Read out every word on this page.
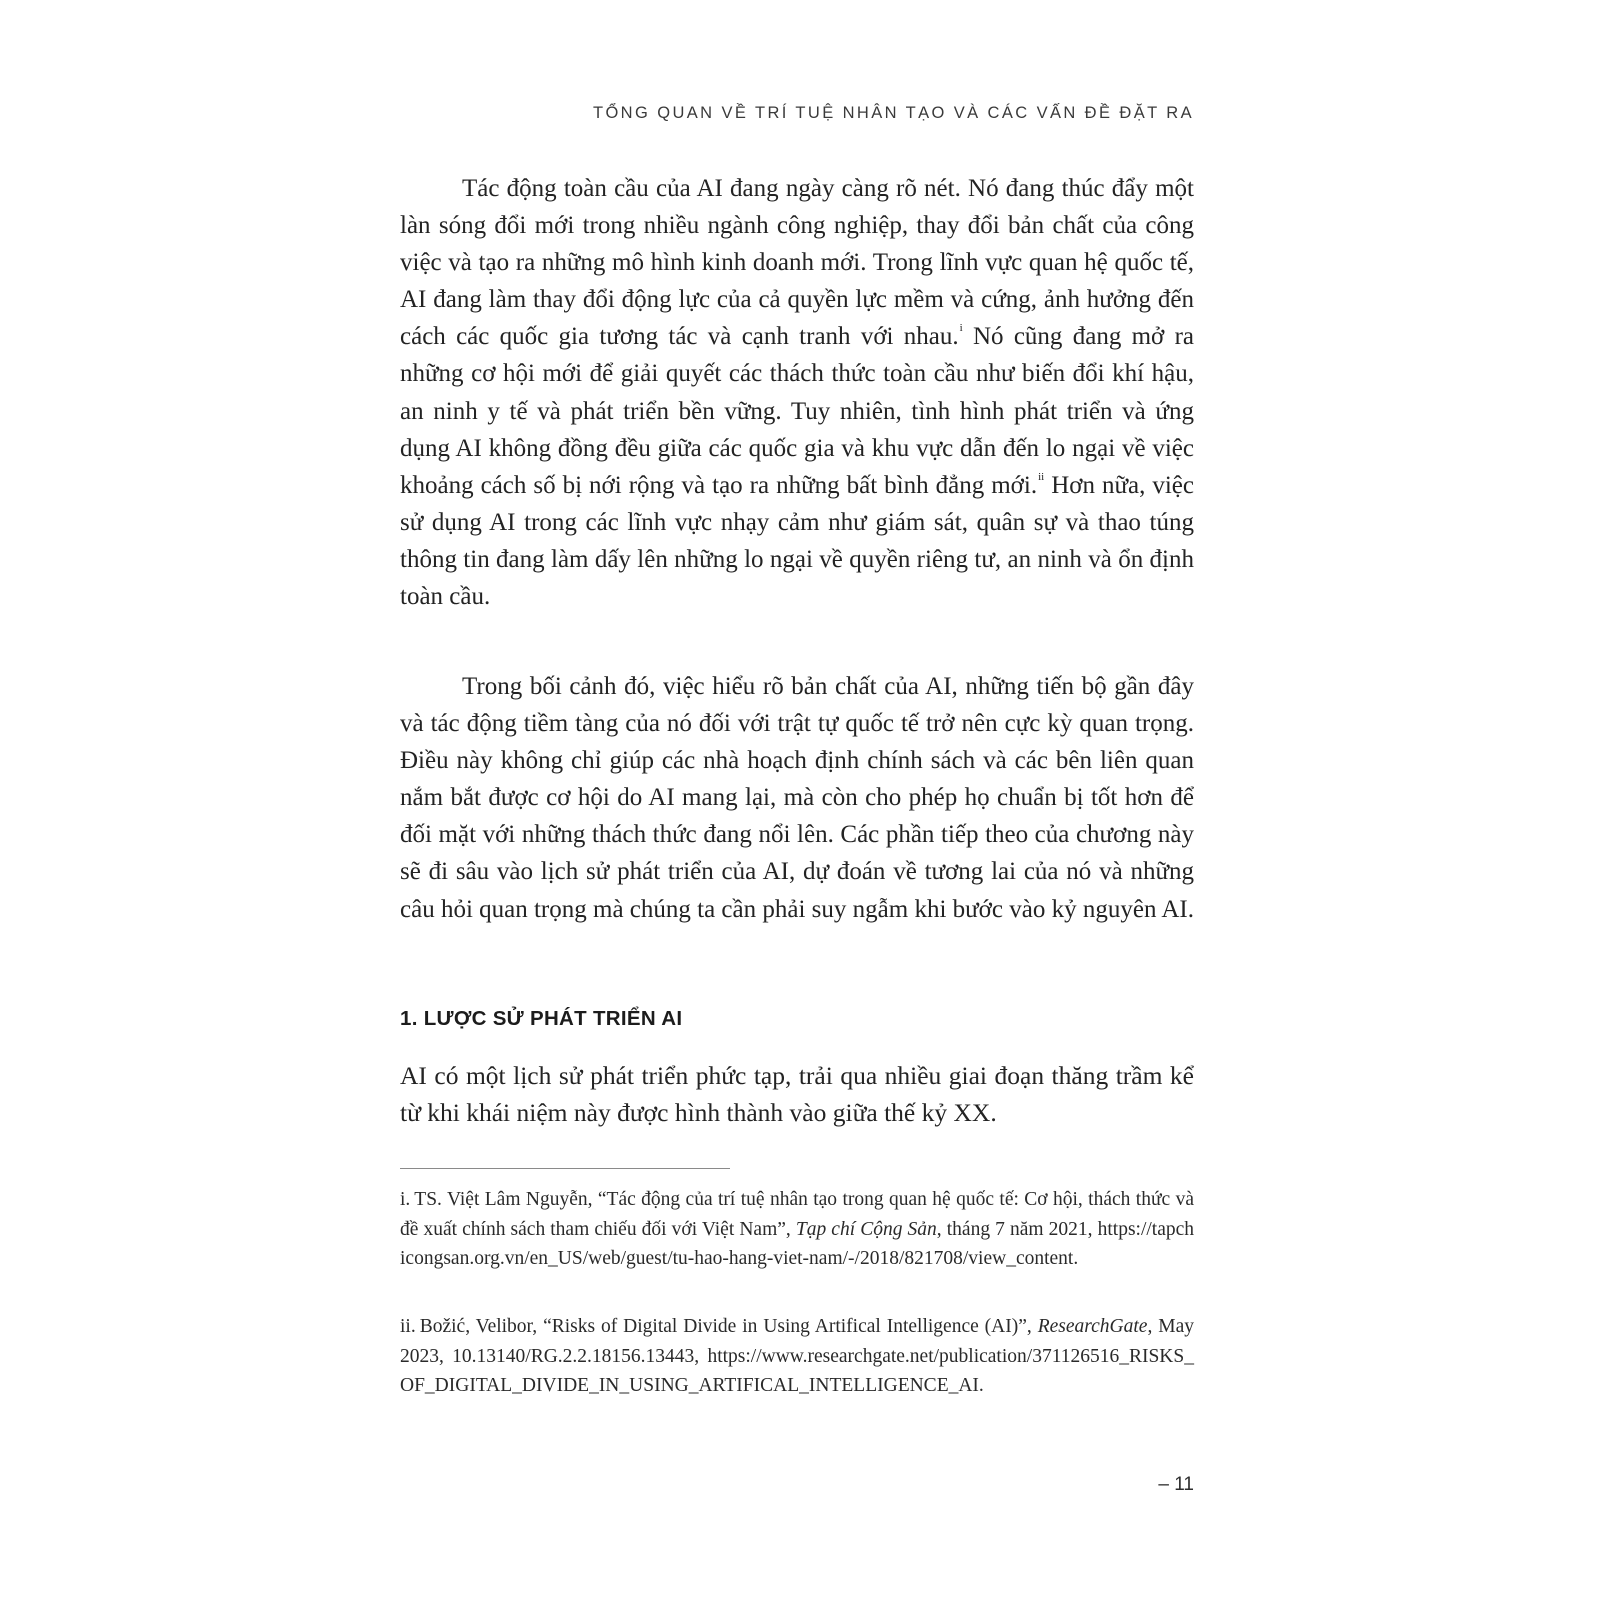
TỔNG QUAN VỀ TRÍ TUỆ NHÂN TẠO VÀ CÁC VẤN ĐỀ ĐẶT RA

Tác động toàn cầu của AI đang ngày càng rõ nét. Nó đang thúc đẩy một làn sóng đổi mới trong nhiều ngành công nghiệp, thay đổi bản chất của công việc và tạo ra những mô hình kinh doanh mới. Trong lĩnh vực quan hệ quốc tế, AI đang làm thay đổi động lực của cả quyền lực mềm và cứng, ảnh hưởng đến cách các quốc gia tương tác và cạnh tranh với nhau.$^i$ Nó cũng đang mở ra những cơ hội mới để giải quyết các thách thức toàn cầu như biến đổi khí hậu, an ninh y tế và phát triển bền vững. Tuy nhiên, tình hình phát triển và ứng dụng AI không đồng đều giữa các quốc gia và khu vực dẫn đến lo ngại về việc khoảng cách số bị nới rộng và tạo ra những bất bình đẳng mới.$^{ii}$ Hơn nữa, việc sử dụng AI trong các lĩnh vực nhạy cảm như giám sát, quân sự và thao túng thông tin đang làm dấy lên những lo ngại về quyền riêng tư, an ninh và ổn định toàn cầu.

Trong bối cảnh đó, việc hiểu rõ bản chất của AI, những tiến bộ gần đây và tác động tiềm tàng của nó đối với trật tự quốc tế trở nên cực kỳ quan trọng. Điều này không chỉ giúp các nhà hoạch định chính sách và các bên liên quan nắm bắt được cơ hội do AI mang lại, mà còn cho phép họ chuẩn bị tốt hơn để đối mặt với những thách thức đang nổi lên. Các phần tiếp theo của chương này sẽ đi sâu vào lịch sử phát triển của AI, dự đoán về tương lai của nó và những câu hỏi quan trọng mà chúng ta cần phải suy ngẫm khi bước vào kỷ nguyên AI.

1. LƯỢC SỬ PHÁT TRIỂN AI

AI có một lịch sử phát triển phức tạp, trải qua nhiều giai đoạn thăng trầm kể từ khi khái niệm này được hình thành vào giữa thế kỷ XX.

i. TS. Việt Lâm Nguyễn, “Tác động của trí tuệ nhân tạo trong quan hệ quốc tế: Cơ hội, thách thức và đề xuất chính sách tham chiếu đối với Việt Nam”, Tạp chí Cộng Sản, tháng 7 năm 2021, https://tapchicongsan.org.vn/en_US/web/guest/tu-hao-hang-viet-nam/-/2018/821708/view_content.

ii. Božić, Velibor, “Risks of Digital Divide in Using Artifical Intelligence (AI)”, ResearchGate, May 2023, 10.13140/RG.2.2.18156.13443, https://www.researchgate.net/publication/371126516_RISKS_OF_DIGITAL_DIVIDE_IN_USING_ARTIFICAL_INTELLIGENCE_AI.

– 11
